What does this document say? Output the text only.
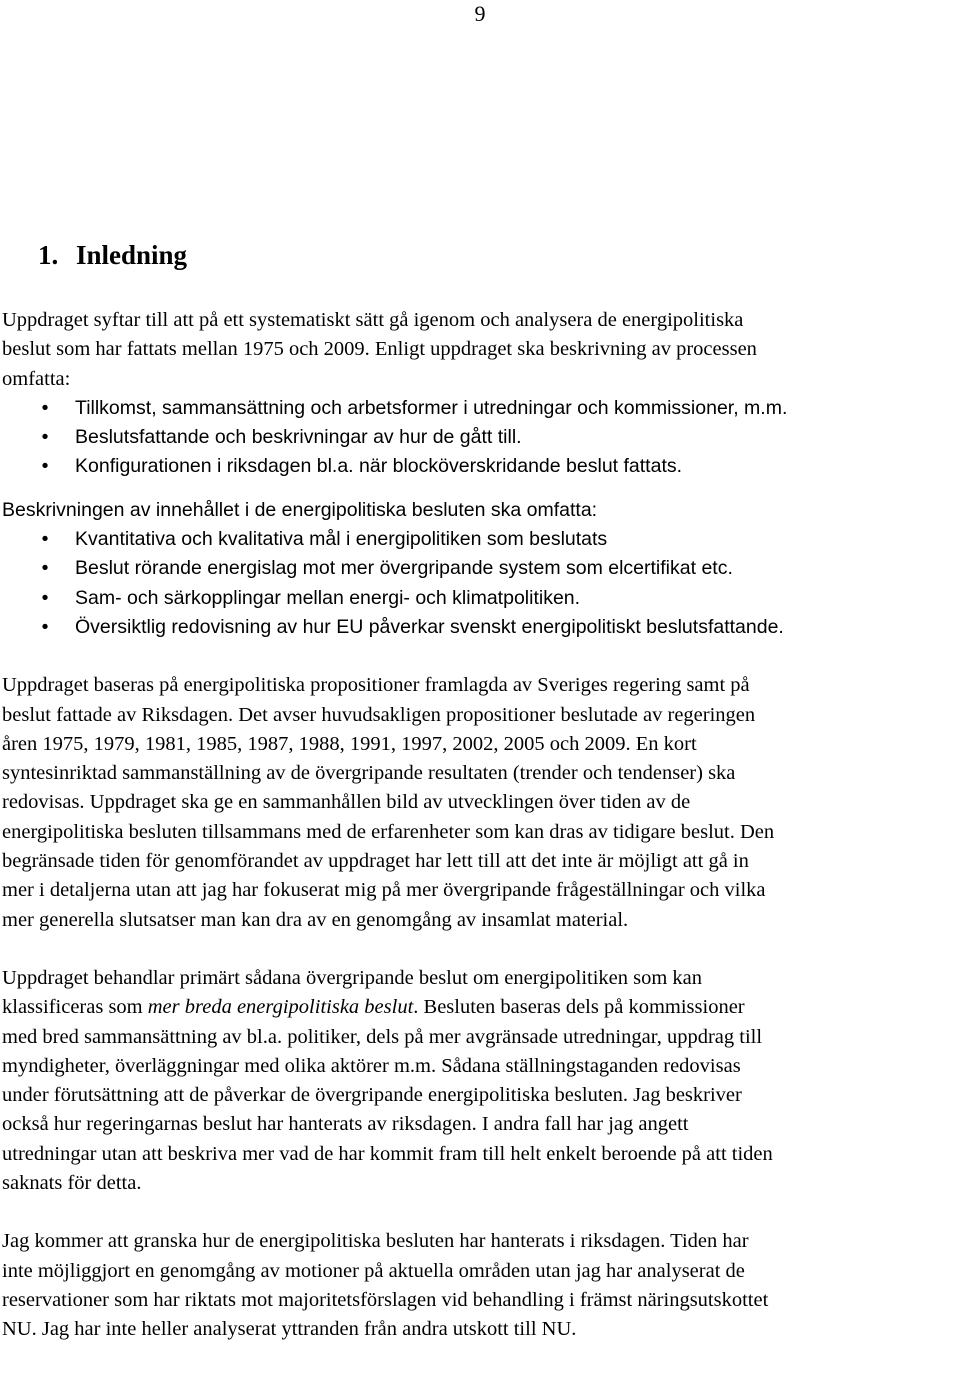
9
1. Inledning

Uppdraget syftar till att på ett systematiskt sätt gå igenom och analysera de energipolitiska
beslut som har fattats mellan 1975 och 2009. Enligt uppdraget ska beskrivning av processen
omfatta:

• Tillkomst, sammansättning och arbetsformer i utredningar och kommissioner, m.m.
• Beslutsfattande och beskrivningar av hur de gått till.
• Konfigurationen i riksdagen bl.a. när blocköverskridande beslut fattats.

Beskrivningen av innehållet i de energipolitiska besluten ska omfatta:

• Kvantitativa och kvalitativa mål i energipolitiken som beslutats
• Beslut rörande energislag mot mer övergripande system som elcertifikat etc.
• Sam- och särkopplingar mellan energi- och klimatpolitiken.
• Översiktlig redovisning av hur EU påverkar svenskt energipolitiskt beslutsfattande.

Uppdraget baseras på energipolitiska propositioner framlagda av Sveriges regering samt på
beslut fattade av Riksdagen. Det avser huvudsakligen propositioner beslutade av regeringen
åren 1975, 1979, 1981, 1985, 1987, 1988, 1991, 1997, 2002, 2005 och 2009. En kort
syntesinriktad sammanställning av de övergripande resultaten (trender och tendenser) ska
redovisas. Uppdraget ska ge en sammanhållen bild av utvecklingen över tiden av de
energipolitiska besluten tillsammans med de erfarenheter som kan dras av tidigare beslut. Den
begränsade tiden för genomförandet av uppdraget har lett till att det inte är möjligt att gå in
mer i detaljerna utan att jag har fokuserat mig på mer övergripande frågeställningar och vilka
mer generella slutsatser man kan dra av en genomgång av insamlat material.

Uppdraget behandlar primärt sådana övergripande beslut om energipolitiken som kan
klassificeras som mer breda energipolitiska beslut. Besluten baseras dels på kommissioner
med bred sammansättning av bl.a. politiker, dels på mer avgränsade utredningar, uppdrag till
myndigheter, överläggningar med olika aktörer m.m. Sådana ställningstaganden redovisas
under förutsättning att de påverkar de övergripande energipolitiska besluten. Jag beskriver
också hur regeringarnas beslut har hanterats av riksdagen. I andra fall har jag angett
utredningar utan att beskriva mer vad de har kommit fram till helt enkelt beroende på att tiden
saknats för detta.

Jag kommer att granska hur de energipolitiska besluten har hanterats i riksdagen. Tiden har
inte möjliggjort en genomgång av motioner på aktuella områden utan jag har analyserat de
reservationer som har riktats mot majoritetsförslagen vid behandling i främst näringsutskottet
NU. Jag har inte heller analyserat yttranden från andra utskott till NU.
